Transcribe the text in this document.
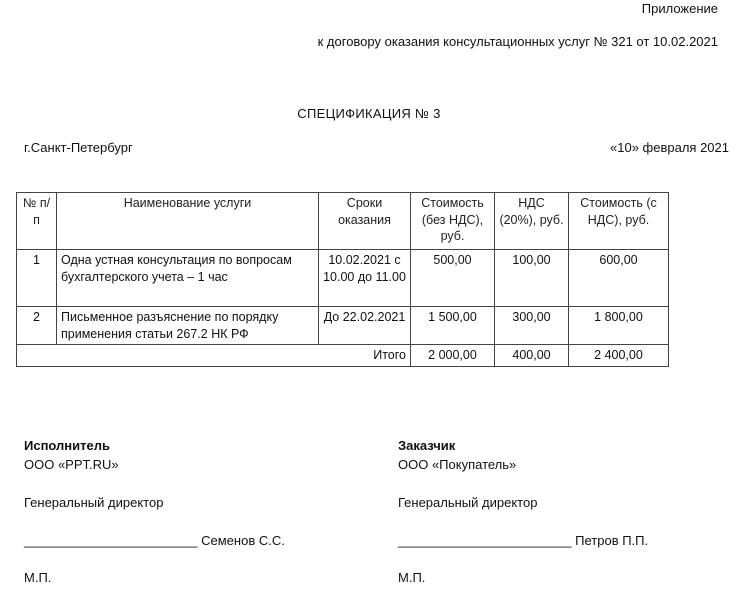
Приложение
к договору оказания консультационных услуг № 321 от 10.02.2021
СПЕЦИФИКАЦИЯ № 3
г.Санкт-Петербург	«10» февраля 2021
№ п/п	Наименование услуги	Сроки оказания	Стоимость (без НДС), руб.	НДС (20%), руб.	Стоимость (с НДС), руб.
1	Одна устная консультация по вопросам бухгалтерского учета – 1 час	10.02.2021 с 10.00 до 11.00	500,00	100,00	600,00
2	Письменное разъяснение по порядку применения статьи 267.2 НК РФ	До 22.02.2021	1 500,00	300,00	1 800,00
Итого			2 000,00	400,00	2 400,00
Исполнитель
ООО «PPT.RU»
Генеральный директор
________________________ Семенов С.С.
М.П.
Заказчик
ООО «Покупатель»
Генеральный директор
________________________ Петров П.П.
М.П.
